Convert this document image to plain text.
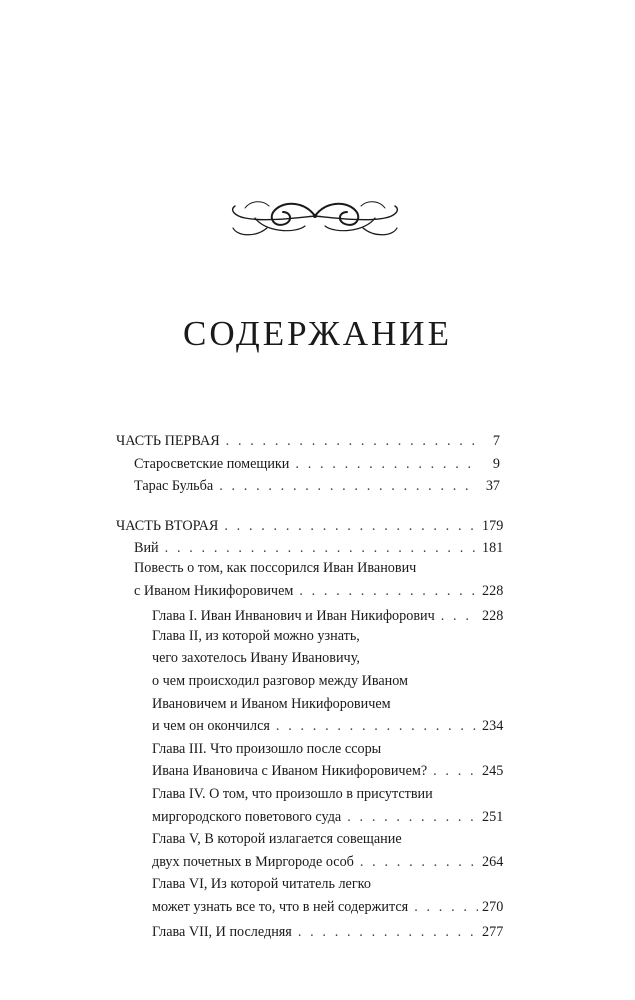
СОДЕРЖАНИЕ
ЧАСТЬ ПЕРВАЯ . . .	7
Старосветские помещики . . .	9
Тарас Бульба . . .	37
ЧАСТЬ ВТОРАЯ . . .	179
Вий . . .	181
Повесть о том, как поссорился Иван Иванович
с Иваном Никифоровичем . . .	228
Глава I. Иван Инванович и Иван Никифорович . . .	228
Глава II, из которой можно узнать,
чего захотелось Ивану Ивановичу,
о чем происходил разговор между Иваном
Ивановичем и Иваном Никифоровичем
и чем он окончился . . .	234
Глава III. Что произошло после ссоры
Ивана Ивановича с Иваном Никифоровичем? . . .	245
Глава IV. О том, что произошло в присутствии
миргородского поветового суда . . .	251
Глава V, В которой излагается совещание
двух почетных в Миргороде особ . . .	264
Глава VI, Из которой читатель легко
может узнать все то, что в ней содержится . . .	270
Глава VII, И последняя . . .	277
